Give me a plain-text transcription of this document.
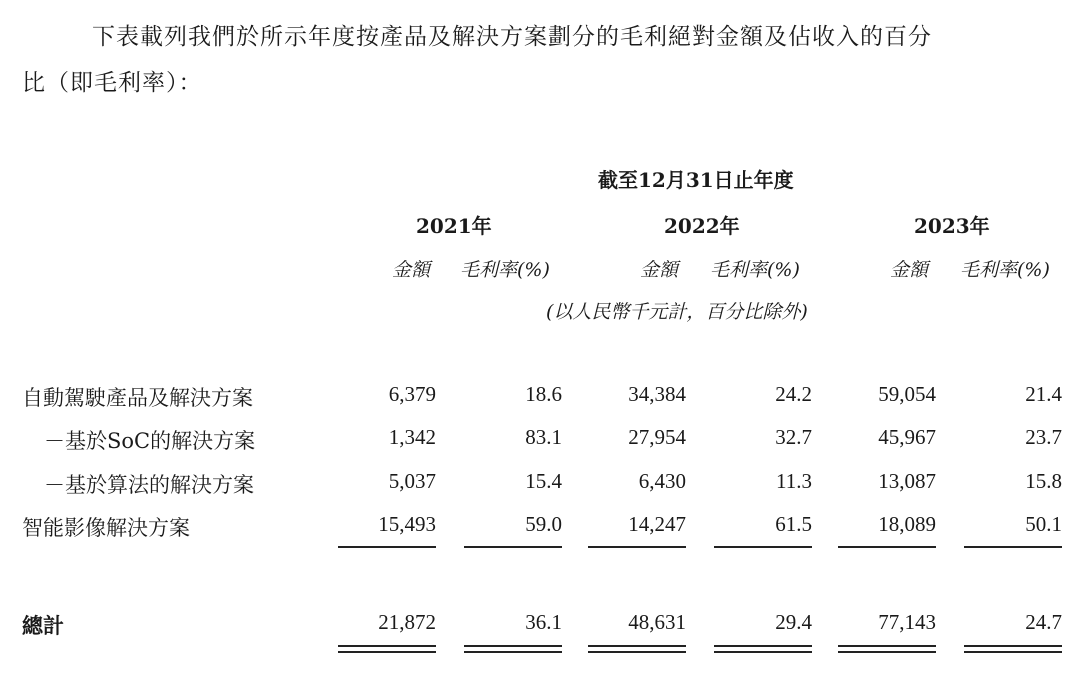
下表載列我們於所示年度按產品及解決方案劃分的毛利絕對金額及佔收入的百分
比（即毛利率）：
截至12月31日止年度
2021年	2022年	2023年
金額 毛利率(%)	金額 毛利率(%)	金額 毛利率(%)
(以人民幣千元計，百分比除外)
自動駕駛產品及解決方案	6,379	18.6	34,384	24.2	59,054	21.4
－基於SoC的解決方案	1,342	83.1	27,954	32.7	45,967	23.7
－基於算法的解決方案	5,037	15.4	6,430	11.3	13,087	15.8
智能影像解決方案	15,493	59.0	14,247	61.5	18,089	50.1
總計	21,872	36.1	48,631	29.4	77,143	24.7
